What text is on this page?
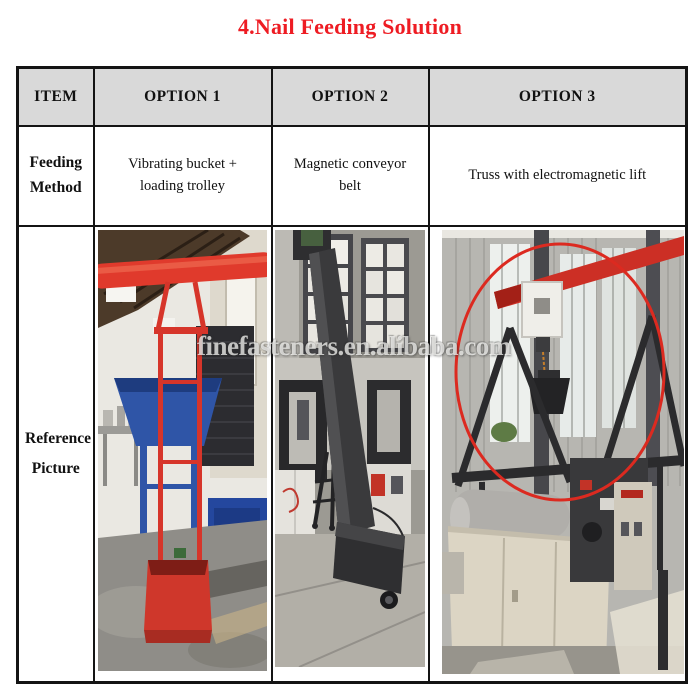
4.Nail Feeding Solution
ITEM	OPTION 1	OPTION 2	OPTION 3
Feeding Method	Vibrating bucket + loading trolley	Magnetic conveyor belt	Truss with electromagnetic lift
Reference Picture	

finefasteners.en.alibaba.com
